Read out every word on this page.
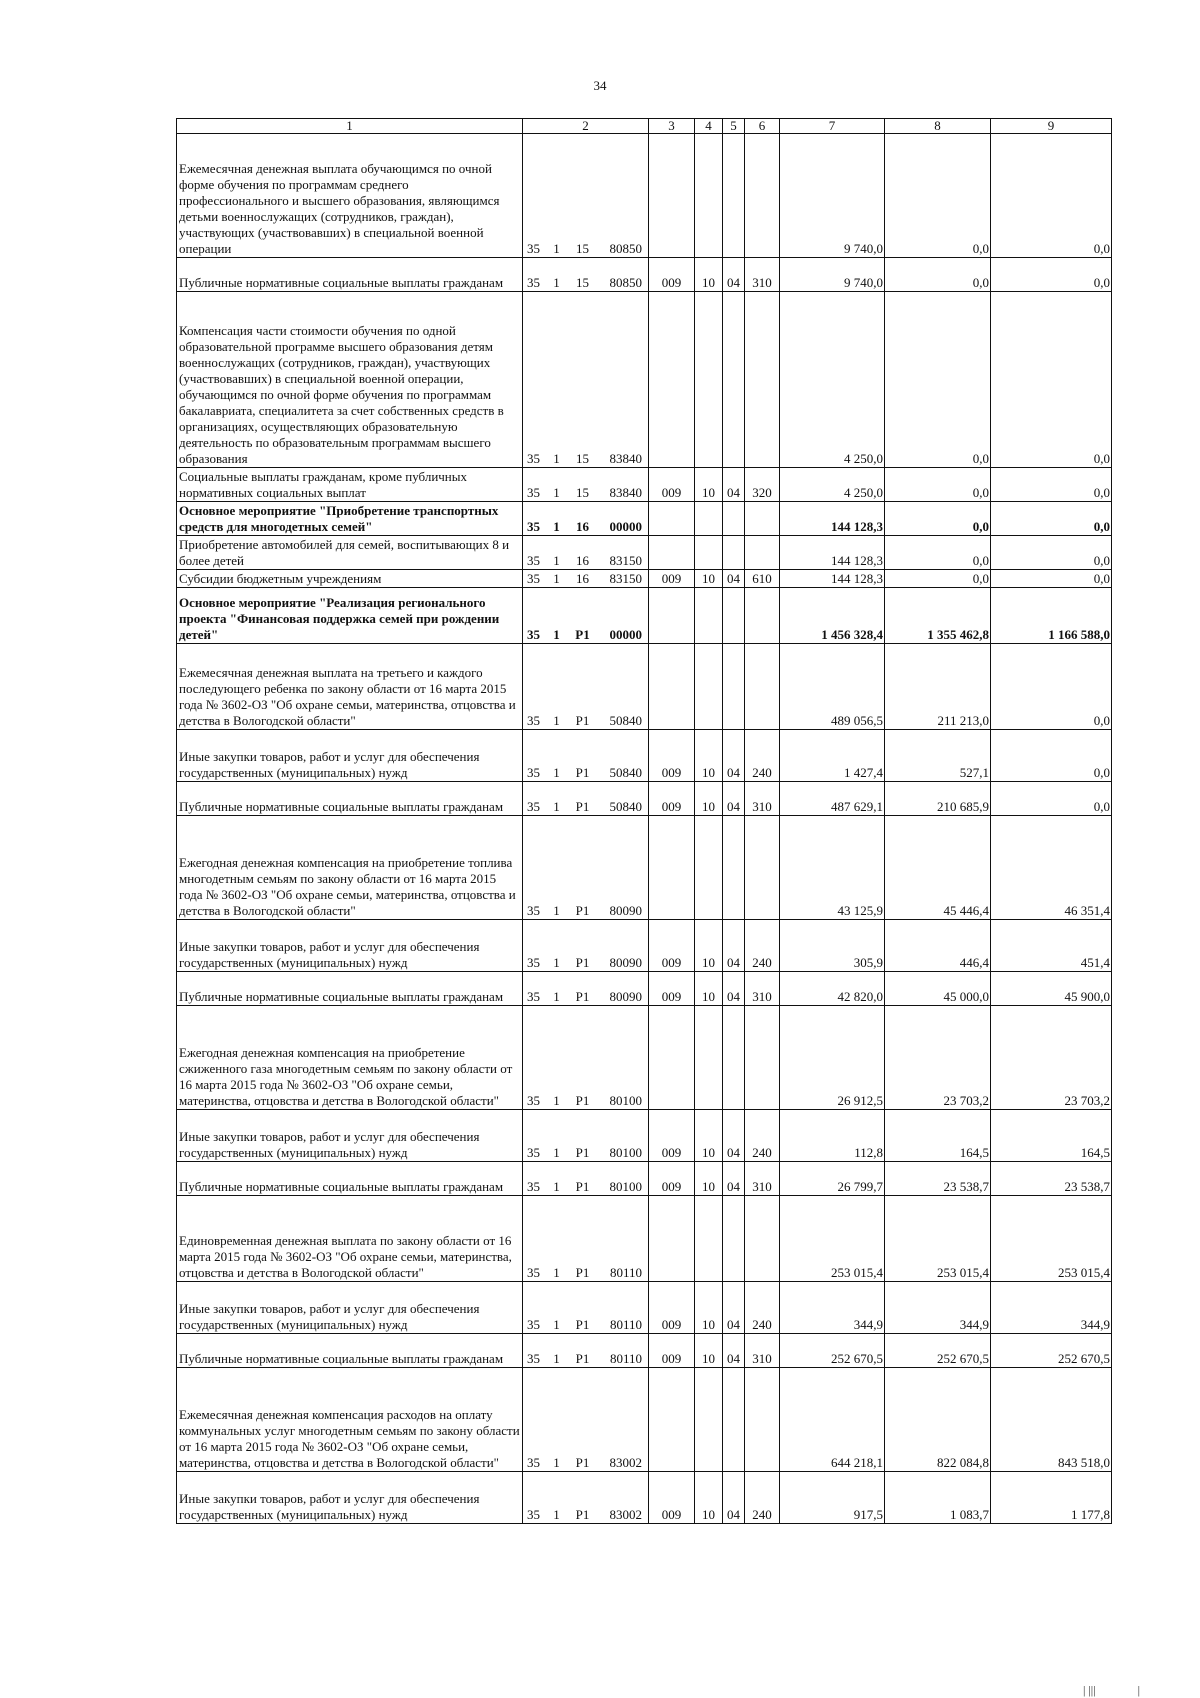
34
1	2				3	4	5	6	7	8	9
Ежемесячная денежная выплата обучающимся по очной форме обучения по программам среднего профессионального и высшего образования, являющимся детьми военнослужащих (сотрудников, граждан), участвующих (участвовавших) в специальной военной операции	35	1	15	80850					9 740,0	0,0	0,0
Публичные нормативные социальные выплаты гражданам	35	1	15	80850	009	10	04	310	9 740,0	0,0	0,0
Компенсация части стоимости обучения по одной образовательной программе высшего образования детям военнослужащих (сотрудников, граждан), участвующих (участвовавших) в специальной военной операции, обучающимся по очной форме обучения по программам бакалавриата, специалитета за счет собственных средств в организациях, осуществляющих образовательную деятельность по образовательным программам высшего образования	35	1	15	83840					4 250,0	0,0	0,0
Социальные выплаты гражданам, кроме публичных нормативных социальных выплат	35	1	15	83840	009	10	04	320	4 250,0	0,0	0,0
Основное мероприятие "Приобретение транспортных средств для многодетных семей"	35	1	16	00000					144 128,3	0,0	0,0
Приобретение автомобилей для семей, воспитывающих 8 и более детей	35	1	16	83150					144 128,3	0,0	0,0
Субсидии бюджетным учреждениям	35	1	16	83150	009	10	04	610	144 128,3	0,0	0,0
Основное мероприятие "Реализация регионального проекта "Финансовая поддержка семей при рождении детей"	35	1	P1	00000					1 456 328,4	1 355 462,8	1 166 588,0
Ежемесячная денежная выплата на третьего и каждого последующего ребенка по закону области от 16 марта 2015 года № 3602-ОЗ "Об охране семьи, материнства, отцовства и детства в Вологодской области"	35	1	P1	50840					489 056,5	211 213,0	0,0
Иные закупки товаров, работ и услуг для обеспечения государственных (муниципальных) нужд	35	1	P1	50840	009	10	04	240	1 427,4	527,1	0,0
Публичные нормативные социальные выплаты гражданам	35	1	P1	50840	009	10	04	310	487 629,1	210 685,9	0,0
Ежегодная денежная компенсация на приобретение топлива многодетным семьям по закону области от 16 марта 2015 года № 3602-ОЗ "Об охране семьи, материнства, отцовства и детства в Вологодской области"	35	1	P1	80090					43 125,9	45 446,4	46 351,4
Иные закупки товаров, работ и услуг для обеспечения государственных (муниципальных) нужд	35	1	P1	80090	009	10	04	240	305,9	446,4	451,4
Публичные нормативные социальные выплаты гражданам	35	1	P1	80090	009	10	04	310	42 820,0	45 000,0	45 900,0
Ежегодная денежная компенсация на приобретение сжиженного газа многодетным семьям по закону области от 16 марта 2015 года № 3602-ОЗ "Об охране семьи, материнства, отцовства и детства в Вологодской области"	35	1	P1	80100					26 912,5	23 703,2	23 703,2
Иные закупки товаров, работ и услуг для обеспечения государственных (муниципальных) нужд	35	1	P1	80100	009	10	04	240	112,8	164,5	164,5
Публичные нормативные социальные выплаты гражданам	35	1	P1	80100	009	10	04	310	26 799,7	23 538,7	23 538,7
Единовременная денежная выплата по закону области от 16 марта 2015 года № 3602-ОЗ "Об охране семьи, материнства, отцовства и детства в Вологодской области"	35	1	P1	80110					253 015,4	253 015,4	253 015,4
Иные закупки товаров, работ и услуг для обеспечения государственных (муниципальных) нужд	35	1	P1	80110	009	10	04	240	344,9	344,9	344,9
Публичные нормативные социальные выплаты гражданам	35	1	P1	80110	009	10	04	310	252 670,5	252 670,5	252 670,5
Ежемесячная денежная компенсация расходов на оплату коммунальных услуг многодетным семьям по закону области от 16 марта 2015 года № 3602-ОЗ "Об охране семьи, материнства, отцовства и детства в Вологодской области"	35	1	P1	83002					644 218,1	822 084,8	843 518,0
Иные закупки товаров, работ и услуг для обеспечения государственных (муниципальных) нужд	35	1	P1	83002	009	10	04	240	917,5	1 083,7	1 177,8
| |||              |
